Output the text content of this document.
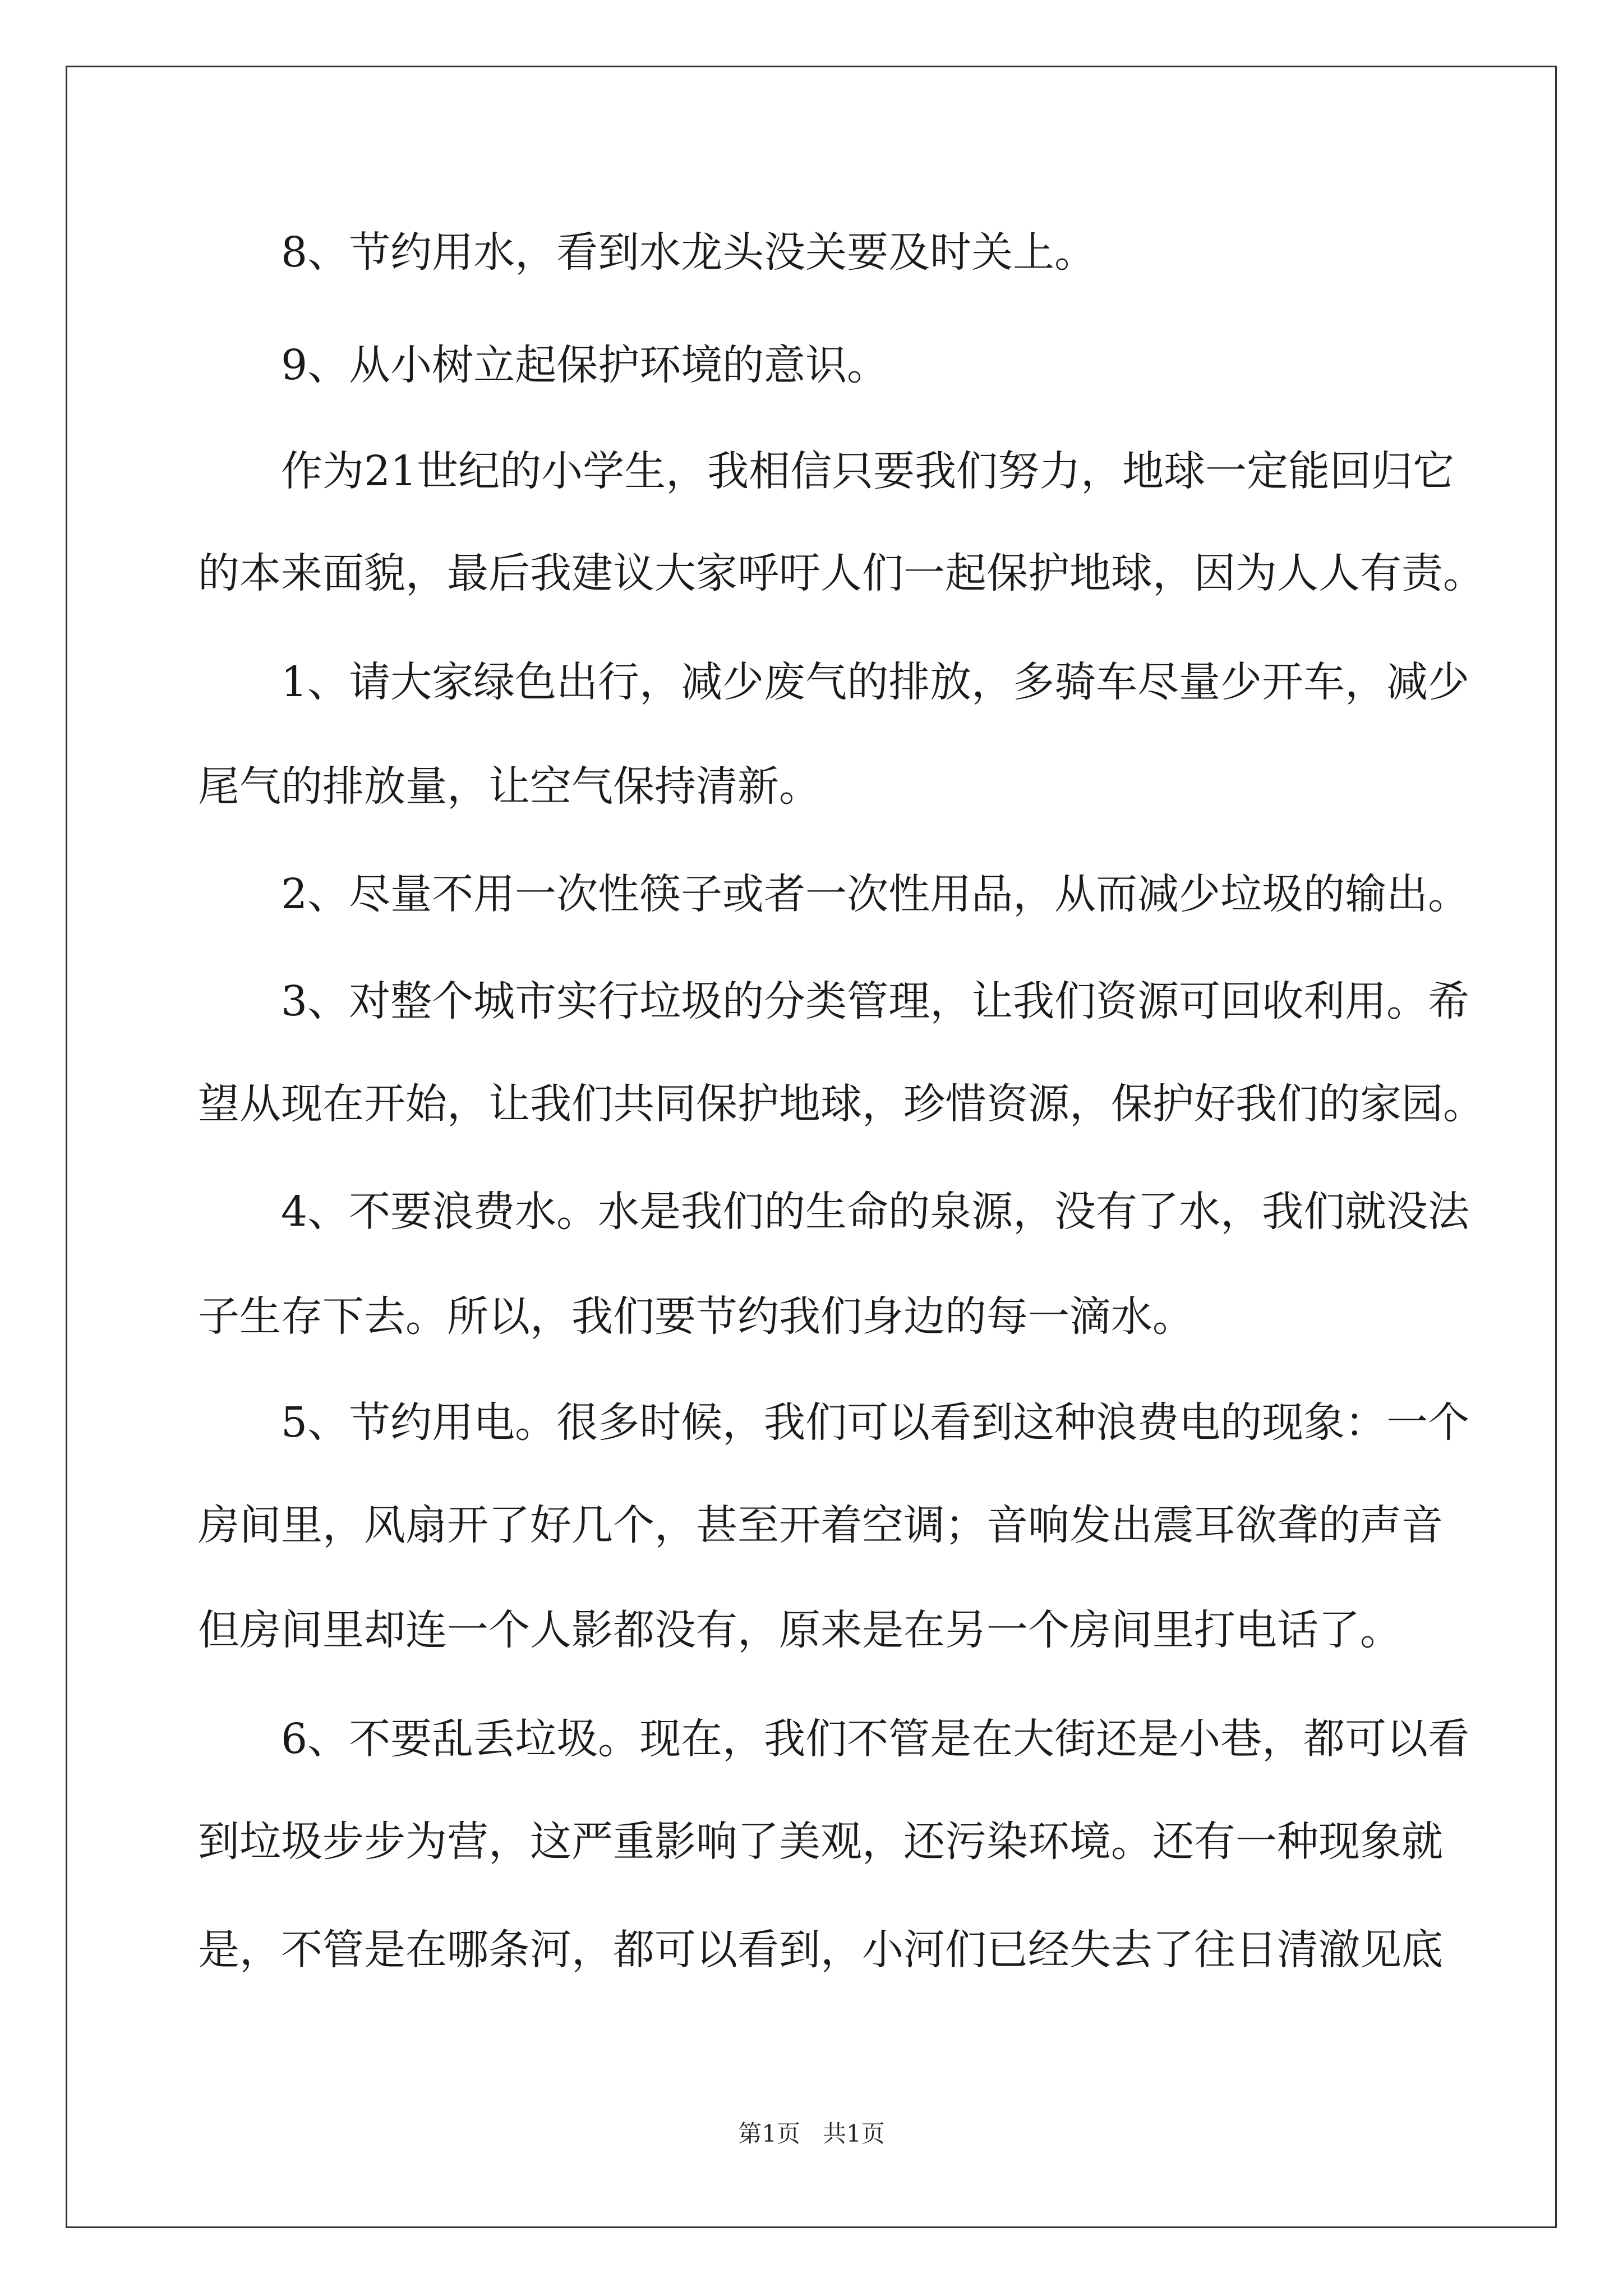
8、节约用水，看到水龙头没关要及时关上。
9、从小树立起保护环境的意识。
作为21世纪的小学生，我相信只要我们努力，地球一定能回归它
的本来面貌，最后我建议大家呼吁人们一起保护地球，因为人人有责。
1、请大家绿色出行，减少废气的排放，多骑车尽量少开车，减少
尾气的排放量，让空气保持清新。
2、尽量不用一次性筷子或者一次性用品，从而减少垃圾的输出。
3、对整个城市实行垃圾的分类管理，让我们资源可回收利用。希
望从现在开始，让我们共同保护地球，珍惜资源，保护好我们的家园。
4、不要浪费水。水是我们的生命的泉源，没有了水，我们就没法
子生存下去。所以，我们要节约我们身边的每一滴水。
5、节约用电。很多时候，我们可以看到这种浪费电的现象：一个
房间里，风扇开了好几个，甚至开着空调；音响发出震耳欲聋的声音
但房间里却连一个人影都没有，原来是在另一个房间里打电话了。
6、不要乱丢垃圾。现在，我们不管是在大街还是小巷，都可以看
到垃圾步步为营，这严重影响了美观，还污染环境。还有一种现象就
是，不管是在哪条河，都可以看到，小河们已经失去了往日清澈见底
第1页 共1页
